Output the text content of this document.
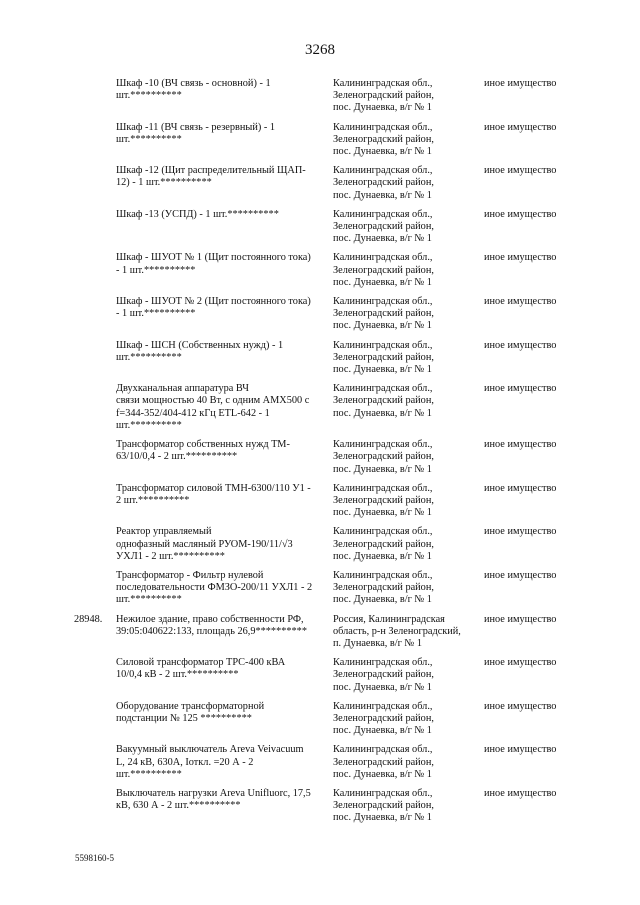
3268
Шкаф -10 (ВЧ связь - основной) - 1
шт.**********
Калининградская обл.,
Зеленоградский район,
пос. Дунаевка, в/г № 1
иное имущество
Шкаф -11 (ВЧ связь - резервный) - 1
шт.**********
Калининградская обл.,
Зеленоградский район,
пос. Дунаевка, в/г № 1
иное имущество
Шкаф -12 (Щит распределительный ЩАП-
12) - 1 шт.**********
Калининградская обл.,
Зеленоградский район,
пос. Дунаевка, в/г № 1
иное имущество
Шкаф -13 (УСПД) - 1 шт.**********	Калининградская обл.,
Зеленоградский район,
пос. Дунаевка, в/г № 1
иное имущество
Шкаф - ШУОТ № 1 (Щит постоянного тока)
- 1 шт.**********
Калининградская обл.,
Зеленоградский район,
пос. Дунаевка, в/г № 1
иное имущество
Шкаф - ШУОТ № 2 (Щит постоянного тока)
- 1 шт.**********
Калининградская обл.,
Зеленоградский район,
пос. Дунаевка, в/г № 1
иное имущество
Шкаф - ШСН (Собственных нужд) - 1
шт.**********
Калининградская обл.,
Зеленоградский район,
пос. Дунаевка, в/г № 1
иное имущество
Двухканальная аппаратура ВЧ
связи мощностью 40 Вт, с одним AMX500 с
f=344-352/404-412 кГц ETL-642 - 1
шт.**********
Калининградская обл.,
Зеленоградский район,
пос. Дунаевка, в/г № 1
иное имущество
Трансформатор собственных нужд ТМ-
63/10/0,4 - 2 шт.**********
Калининградская обл.,
Зеленоградский район,
пос. Дунаевка, в/г № 1
иное имущество
Трансформатор силовой ТМН-6300/110 У1 -
2 шт.**********
Калининградская обл.,
Зеленоградский район,
пос. Дунаевка, в/г № 1
иное имущество
Реактор управляемый
однофазный масляный РУОМ-190/11/√3
УХЛ1 - 2 шт.**********
Калининградская обл.,
Зеленоградский район,
пос. Дунаевка, в/г № 1
иное имущество
Трансформатор - Фильтр нулевой
последовательности ФМЗО-200/11 УХЛ1 - 2
шт.**********
Калининградская обл.,
Зеленоградский район,
пос. Дунаевка, в/г № 1
иное имущество
28948.	Нежилое здание, право собственности РФ,
39:05:040622:133, площадь 26,9**********
Россия, Калининградская
область, р-н Зеленоградский,
п. Дунаевка, в/г № 1
иное имущество
Силовой трансформатор ТРС-400 кВА
10/0,4 кВ - 2 шт.**********
Калининградская обл.,
Зеленоградский район,
пос. Дунаевка, в/г № 1
иное имущество
Оборудование трансформаторной
подстанции № 125 **********
Калининградская обл.,
Зеленоградский район,
пос. Дунаевка, в/г № 1
иное имущество
Вакуумный выключатель Areva Veivacuum
L, 24 кВ, 630А, Iоткл. =20 А - 2
шт.**********
Калининградская обл.,
Зеленоградский район,
пос. Дунаевка, в/г № 1
иное имущество
Выключатель нагрузки Areva Unifluorc, 17,5
кВ, 630 А - 2 шт.**********
Калининградская обл.,
Зеленоградский район,
пос. Дунаевка, в/г № 1
иное имущество
5598160-5
